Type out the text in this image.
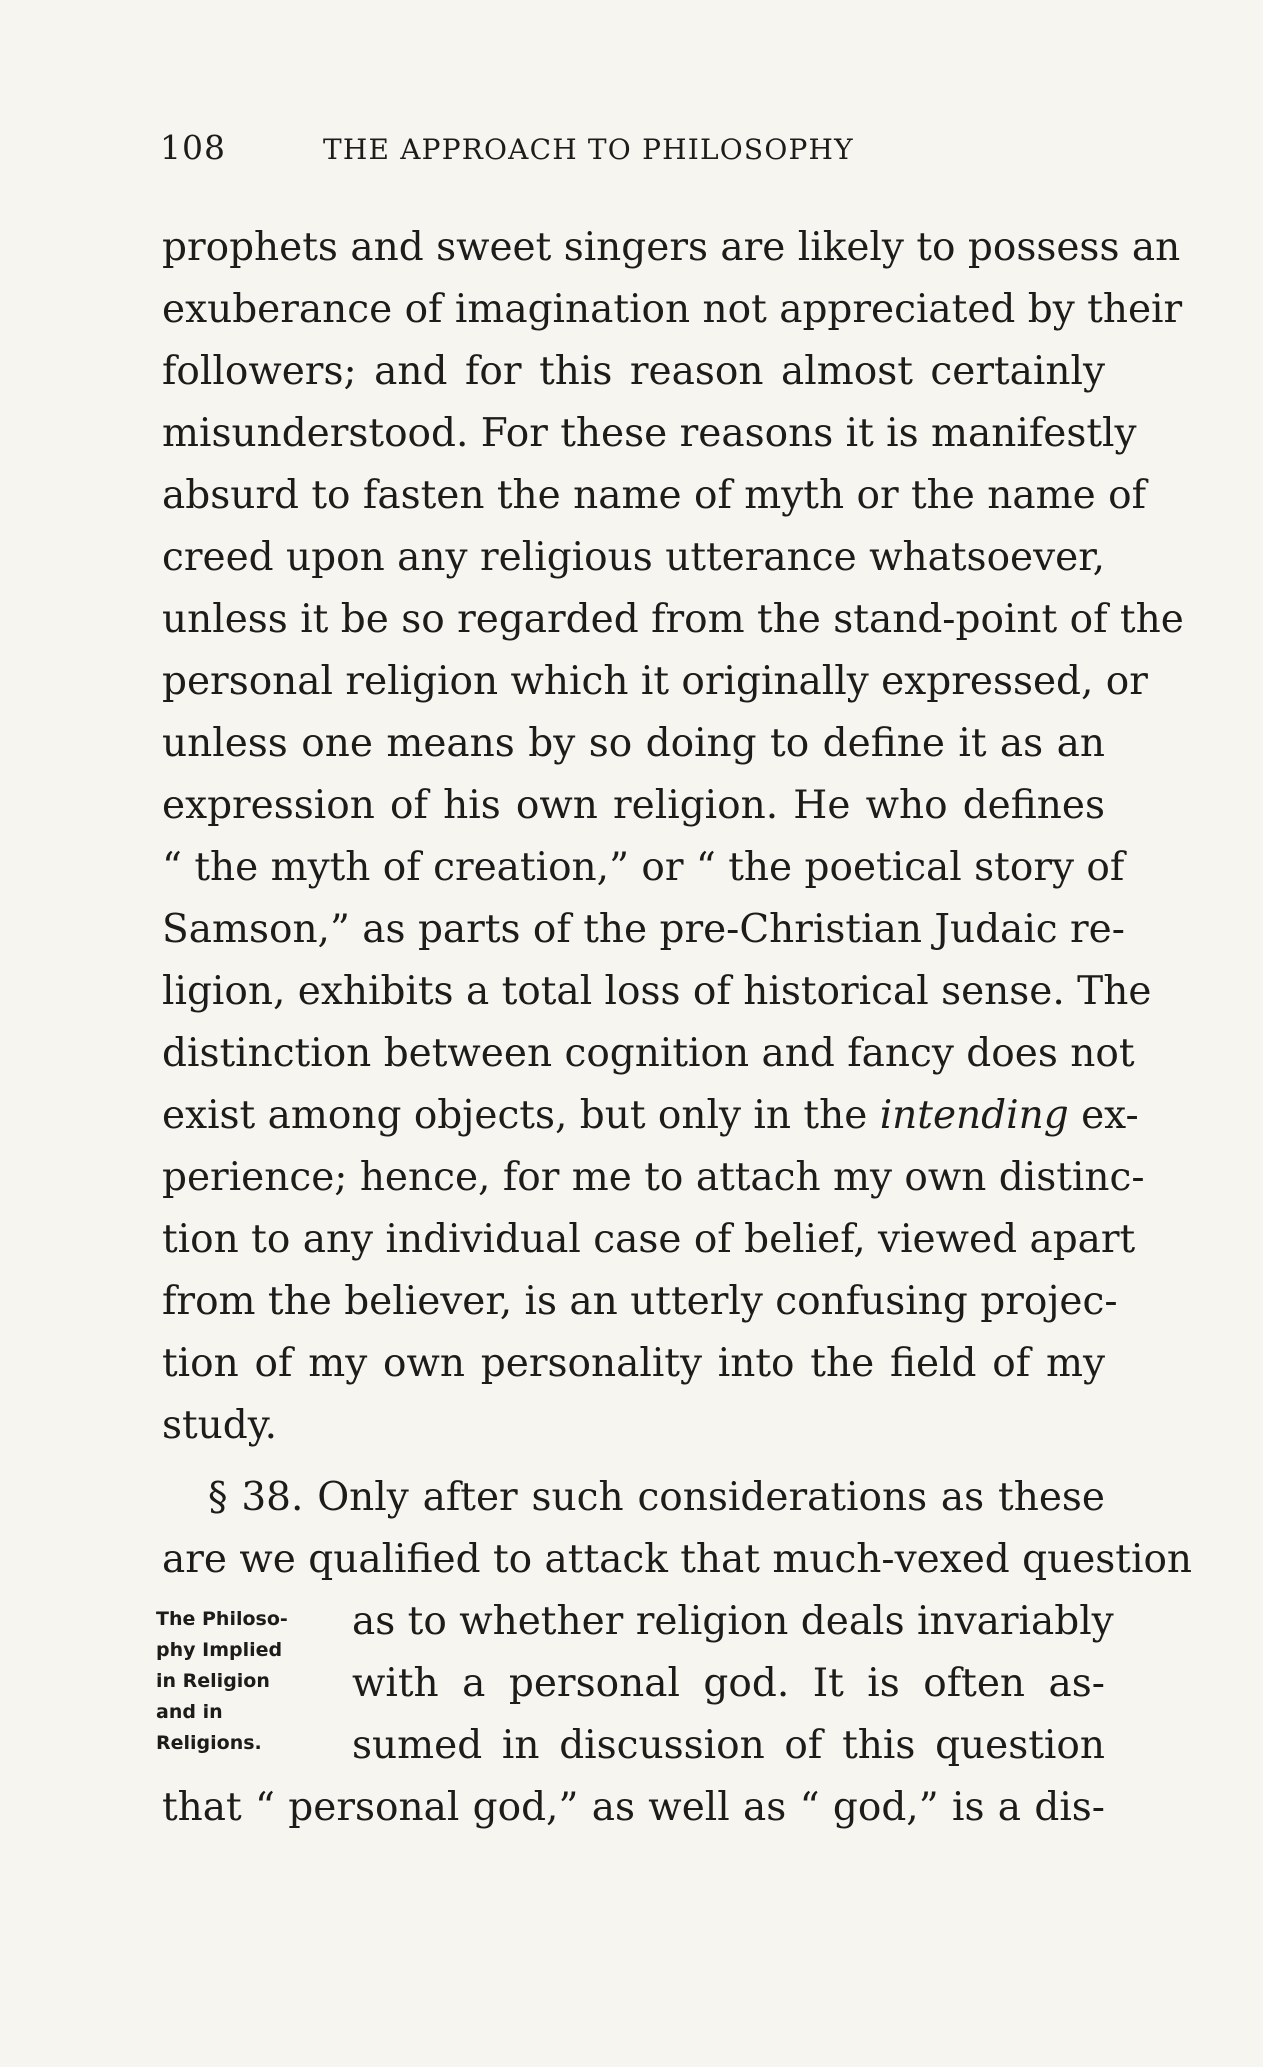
108	THE APPROACH TO PHILOSOPHY
prophets and sweet singers are likely to possess an
exuberance of imagination not appreciated by their
followers; and for this reason almost certainly
misunderstood. For these reasons it is manifestly
absurd to fasten the name of myth or the name of
creed upon any religious utterance whatsoever,
unless it be so regarded from the stand-point of the
personal religion which it originally expressed, or
unless one means by so doing to define it as an
expression of his own religion. He who defines
“ the myth of creation,” or “ the poetical story of
Samson,” as parts of the pre-Christian Judaic re-
ligion, exhibits a total loss of historical sense. The
distinction between cognition and fancy does not
exist among objects, but only in the intending ex-
perience; hence, for me to attach my own distinc-
tion to any individual case of belief, viewed apart
from the believer, is an utterly confusing projec-
tion of my own personality into the field of my
study.
§ 38. Only after such considerations as these
are we qualified to attack that much-vexed question
as to whether religion deals invariably
with a personal god. It is often as-
sumed in discussion of this question
that “ personal god,” as well as “ god,” is a dis-
The Philoso-
phy Implied
in Religion
and in
Religions.
